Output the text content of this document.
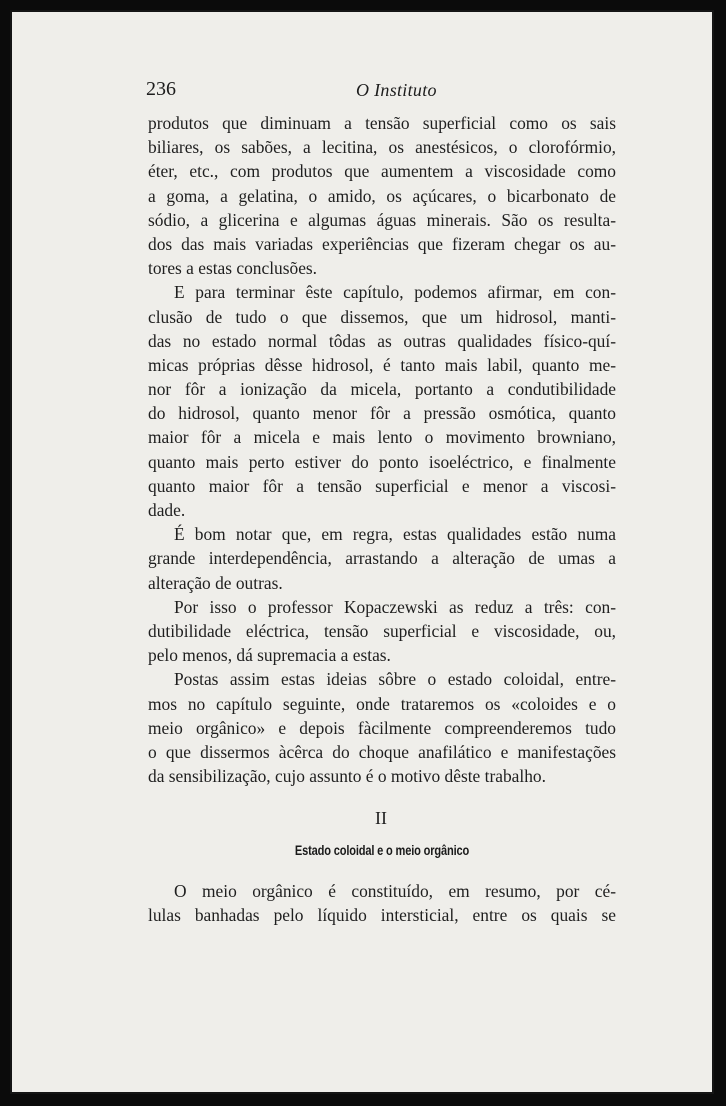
236	O Instituto
produtos que diminuam a tensão superficial como os sais
biliares, os sabões, a lecitina, os anestésicos, o clorofórmio,
éter, etc., com produtos que aumentem a viscosidade como
a goma, a gelatina, o amido, os açúcares, o bicarbonato de
sódio, a glicerina e algumas águas minerais. São os resulta-
dos das mais variadas experiências que fizeram chegar os au-
tores a estas conclusões.
E para terminar êste capítulo, podemos afirmar, em con-
clusão de tudo o que dissemos, que um hidrosol, manti-
das no estado normal tôdas as outras qualidades físico-quí-
micas próprias dêsse hidrosol, é tanto mais labil, quanto me-
nor fôr a ionização da micela, portanto a condutibilidade
do hidrosol, quanto menor fôr a pressão osmótica, quanto
maior fôr a micela e mais lento o movimento browniano,
quanto mais perto estiver do ponto isoeléctrico, e finalmente
quanto maior fôr a tensão superficial e menor a viscosi-
dade.
É bom notar que, em regra, estas qualidades estão numa
grande interdependência, arrastando a alteração de umas a
alteração de outras.
Por isso o professor Kopaczewski as reduz a três: con-
dutibilidade eléctrica, tensão superficial e viscosidade, ou,
pelo menos, dá supremacia a estas.
Postas assim estas ideias sôbre o estado coloidal, entre-
mos no capítulo seguinte, onde trataremos os «coloides e o
meio orgânico» e depois fàcilmente compreenderemos tudo
o que dissermos àcêrca do choque anafilático e manifestações
da sensibilização, cujo assunto é o motivo dêste trabalho.
II
Estado coloidal e o meio orgânico
O meio orgânico é constituído, em resumo, por cé-
lulas banhadas pelo líquido intersticial, entre os quais se
